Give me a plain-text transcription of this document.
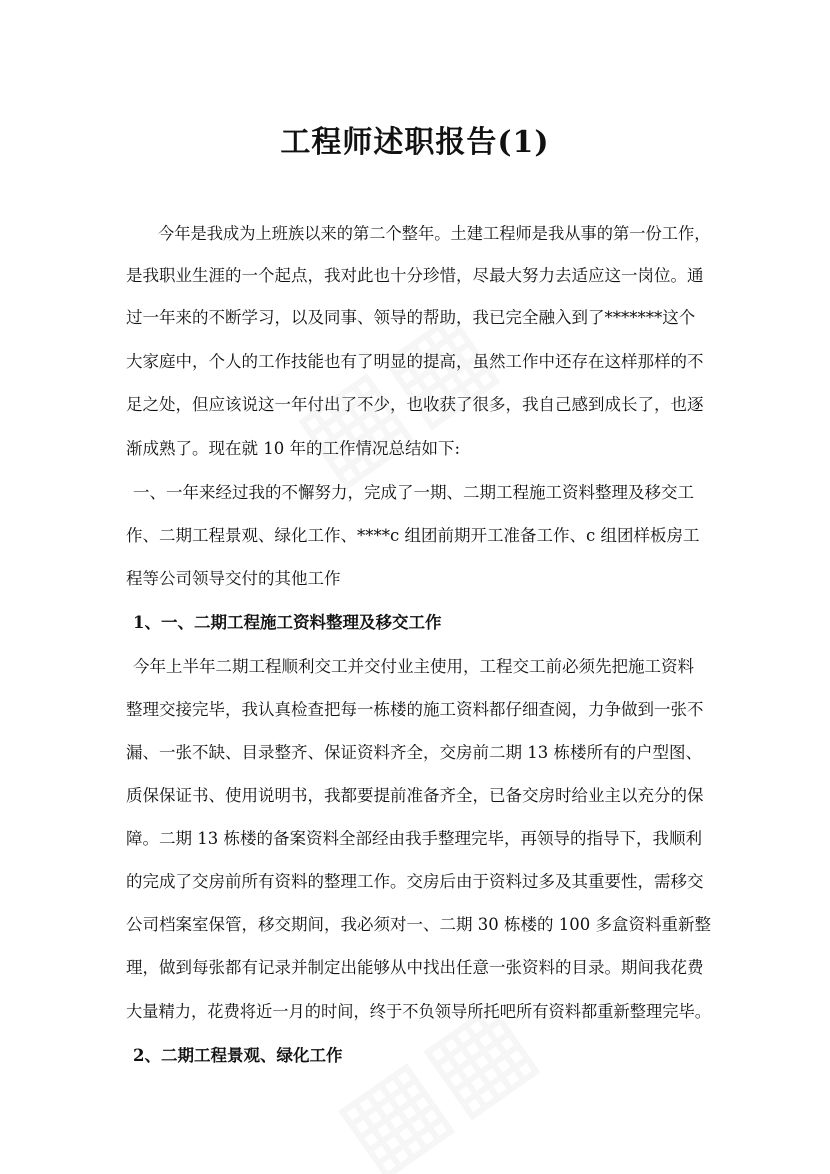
工程师述职报告(1)

今年是我成为上班族以来的第二个整年。土建工程师是我从事的第一份工作，

是我职业生涯的一个起点，我对此也十分珍惜，尽最大努力去适应这一岗位。通

过一年来的不断学习，以及同事、领导的帮助，我已完全融入到了*******这个

大家庭中，个人的工作技能也有了明显的提高，虽然工作中还存在这样那样的不

足之处，但应该说这一年付出了不少，也收获了很多，我自己感到成长了，也逐

渐成熟了。现在就 10 年的工作情况总结如下:

一、一年来经过我的不懈努力，完成了一期、二期工程施工资料整理及移交工

作、二期工程景观、绿化工作、****c 组团前期开工准备工作、c 组团样板房工

程等公司领导交付的其他工作

1、一、二期工程施工资料整理及移交工作

今年上半年二期工程顺利交工并交付业主使用，工程交工前必须先把施工资料

整理交接完毕，我认真检查把每一栋楼的施工资料都仔细查阅，力争做到一张不

漏、一张不缺、目录整齐、保证资料齐全，交房前二期 13 栋楼所有的户型图、

质保保证书、使用说明书，我都要提前准备齐全，已备交房时给业主以充分的保

障。二期 13 栋楼的备案资料全部经由我手整理完毕，再领导的指导下，我顺利

的完成了交房前所有资料的整理工作。交房后由于资料过多及其重要性，需移交

公司档案室保管，移交期间，我必须对一、二期 30 栋楼的 100 多盒资料重新整

理，做到每张都有记录并制定出能够从中找出任意一张资料的目录。期间我花费

大量精力，花费将近一月的时间，终于不负领导所托吧所有资料都重新整理完毕。

2、二期工程景观、绿化工作
